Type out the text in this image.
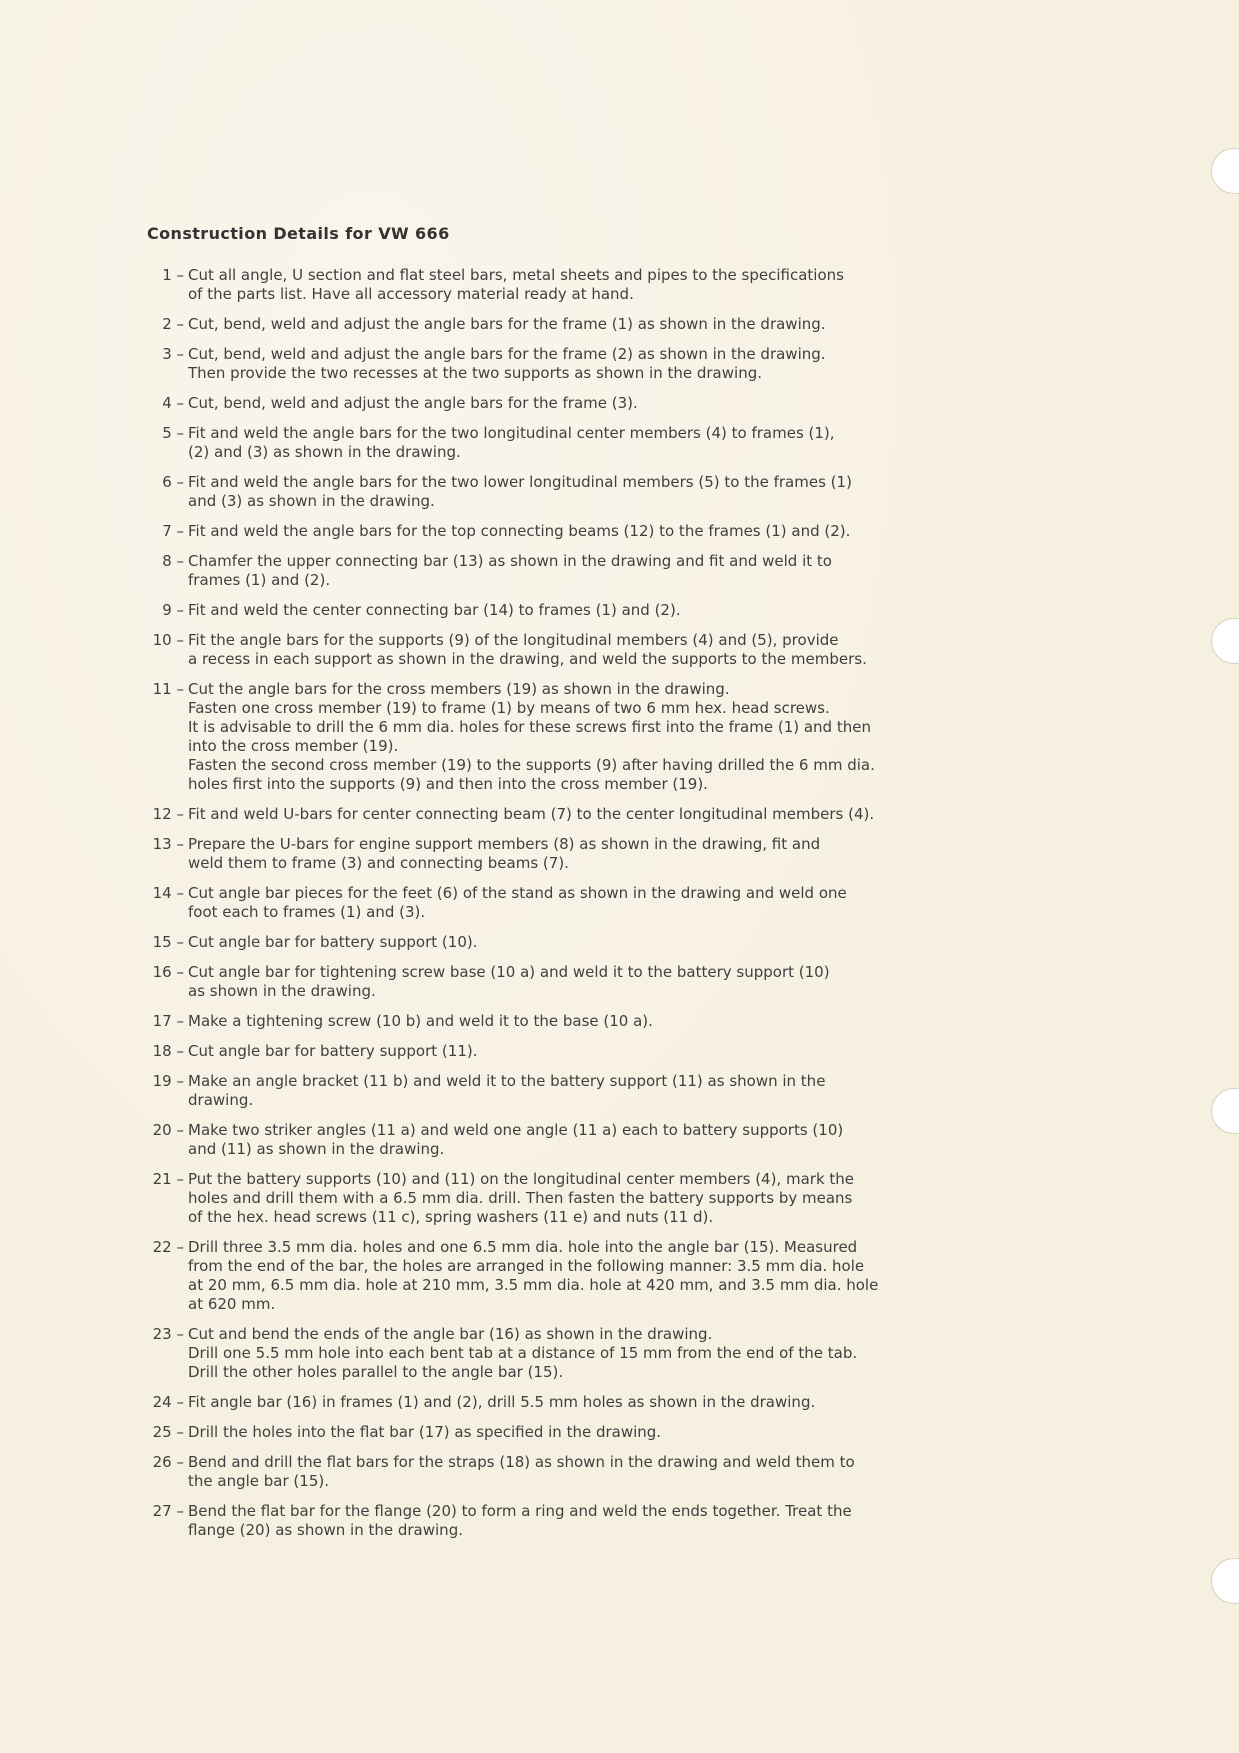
Construction Details for VW 666
1 – Cut all angle, U section and flat steel bars, metal sheets and pipes to the specifications
of the parts list. Have all accessory material ready at hand.
2 – Cut, bend, weld and adjust the angle bars for the frame (1) as shown in the drawing.
3 – Cut, bend, weld and adjust the angle bars for the frame (2) as shown in the drawing.
Then provide the two recesses at the two supports as shown in the drawing.
4 – Cut, bend, weld and adjust the angle bars for the frame (3).
5 – Fit and weld the angle bars for the two longitudinal center members (4) to frames (1),
(2) and (3) as shown in the drawing.
6 – Fit and weld the angle bars for the two lower longitudinal members (5) to the frames (1)
and (3) as shown in the drawing.
7 – Fit and weld the angle bars for the top connecting beams (12) to the frames (1) and (2).
8 – Chamfer the upper connecting bar (13) as shown in the drawing and fit and weld it to
frames (1) and (2).
9 – Fit and weld the center connecting bar (14) to frames (1) and (2).
10 – Fit the angle bars for the supports (9) of the longitudinal members (4) and (5), provide
a recess in each support as shown in the drawing, and weld the supports to the members.
11 – Cut the angle bars for the cross members (19) as shown in the drawing.
Fasten one cross member (19) to frame (1) by means of two 6 mm hex. head screws.
It is advisable to drill the 6 mm dia. holes for these screws first into the frame (1) and then
into the cross member (19).
Fasten the second cross member (19) to the supports (9) after having drilled the 6 mm dia.
holes first into the supports (9) and then into the cross member (19).
12 – Fit and weld U-bars for center connecting beam (7) to the center longitudinal members (4).
13 – Prepare the U-bars for engine support members (8) as shown in the drawing, fit and
weld them to frame (3) and connecting beams (7).
14 – Cut angle bar pieces for the feet (6) of the stand as shown in the drawing and weld one
foot each to frames (1) and (3).
15 – Cut angle bar for battery support (10).
16 – Cut angle bar for tightening screw base (10 a) and weld it to the battery support (10)
as shown in the drawing.
17 – Make a tightening screw (10 b) and weld it to the base (10 a).
18 – Cut angle bar for battery support (11).
19 – Make an angle bracket (11 b) and weld it to the battery support (11) as shown in the
drawing.
20 – Make two striker angles (11 a) and weld one angle (11 a) each to battery supports (10)
and (11) as shown in the drawing.
21 – Put the battery supports (10) and (11) on the longitudinal center members (4), mark the
holes and drill them with a 6.5 mm dia. drill. Then fasten the battery supports by means
of the hex. head screws (11 c), spring washers (11 e) and nuts (11 d).
22 – Drill three 3.5 mm dia. holes and one 6.5 mm dia. hole into the angle bar (15). Measured
from the end of the bar, the holes are arranged in the following manner: 3.5 mm dia. hole
at 20 mm, 6.5 mm dia. hole at 210 mm, 3.5 mm dia. hole at 420 mm, and 3.5 mm dia. hole
at 620 mm.
23 – Cut and bend the ends of the angle bar (16) as shown in the drawing.
Drill one 5.5 mm hole into each bent tab at a distance of 15 mm from the end of the tab.
Drill the other holes parallel to the angle bar (15).
24 – Fit angle bar (16) in frames (1) and (2), drill 5.5 mm holes as shown in the drawing.
25 – Drill the holes into the flat bar (17) as specified in the drawing.
26 – Bend and drill the flat bars for the straps (18) as shown in the drawing and weld them to
the angle bar (15).
27 – Bend the flat bar for the flange (20) to form a ring and weld the ends together. Treat the
flange (20) as shown in the drawing.
